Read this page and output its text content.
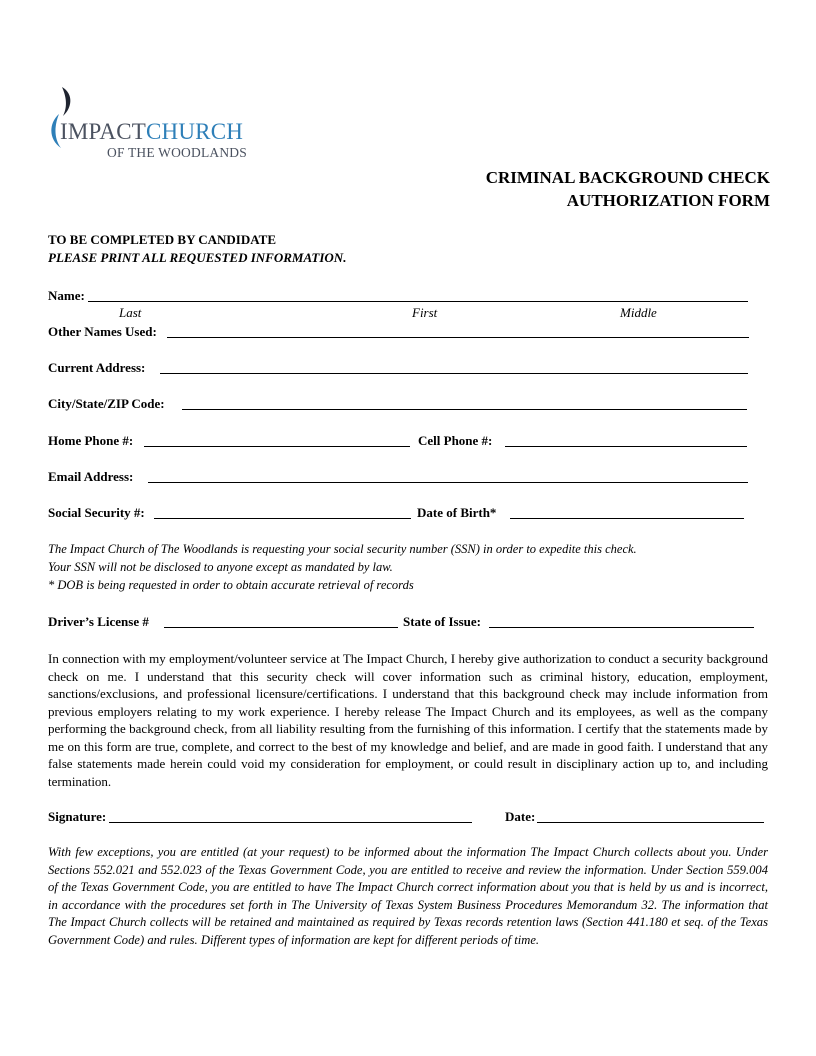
IMPACTCHURCH
OF THE WOODLANDS
CRIMINAL BACKGROUND CHECK
AUTHORIZATION FORM
TO BE COMPLETED BY CANDIDATE
PLEASE PRINT ALL REQUESTED INFORMATION.
Name:
Last	First	Middle
Other Names Used:
Current Address:
City/State/ZIP Code:
Home Phone #:	Cell Phone #:
Email Address:
Social Security #:	Date of Birth*
The Impact Church of The Woodlands is requesting your social security number (SSN) in order to expedite this check.
Your SSN will not be disclosed to anyone except as mandated by law.
* DOB is being requested in order to obtain accurate retrieval of records
Driver’s License #	State of Issue:
In connection with my employment/volunteer service at The Impact Church, I hereby give authorization to conduct a security background check on me. I understand that this security check will cover information such as criminal history, education, employment, sanctions/exclusions, and professional licensure/certifications. I understand that this background check may include information from previous employers relating to my work experience. I hereby release The Impact Church and its employees, as well as the company performing the background check, from all liability resulting from the furnishing of this information. I certify that the statements made by me on this form are true, complete, and correct to the best of my knowledge and belief, and are made in good faith. I understand that any false statements made herein could void my consideration for employment, or could result in disciplinary action up to, and including termination.
Signature:	Date:
With few exceptions, you are entitled (at your request) to be informed about the information The Impact Church collects about you. Under Sections 552.021 and 552.023 of the Texas Government Code, you are entitled to receive and review the information. Under Section 559.004 of the Texas Government Code, you are entitled to have The Impact Church correct information about you that is held by us and is incorrect, in accordance with the procedures set forth in The University of Texas System Business Procedures Memorandum 32. The information that The Impact Church collects will be retained and maintained as required by Texas records retention laws (Section 441.180 et seq. of the Texas Government Code) and rules. Different types of information are kept for different periods of time.
